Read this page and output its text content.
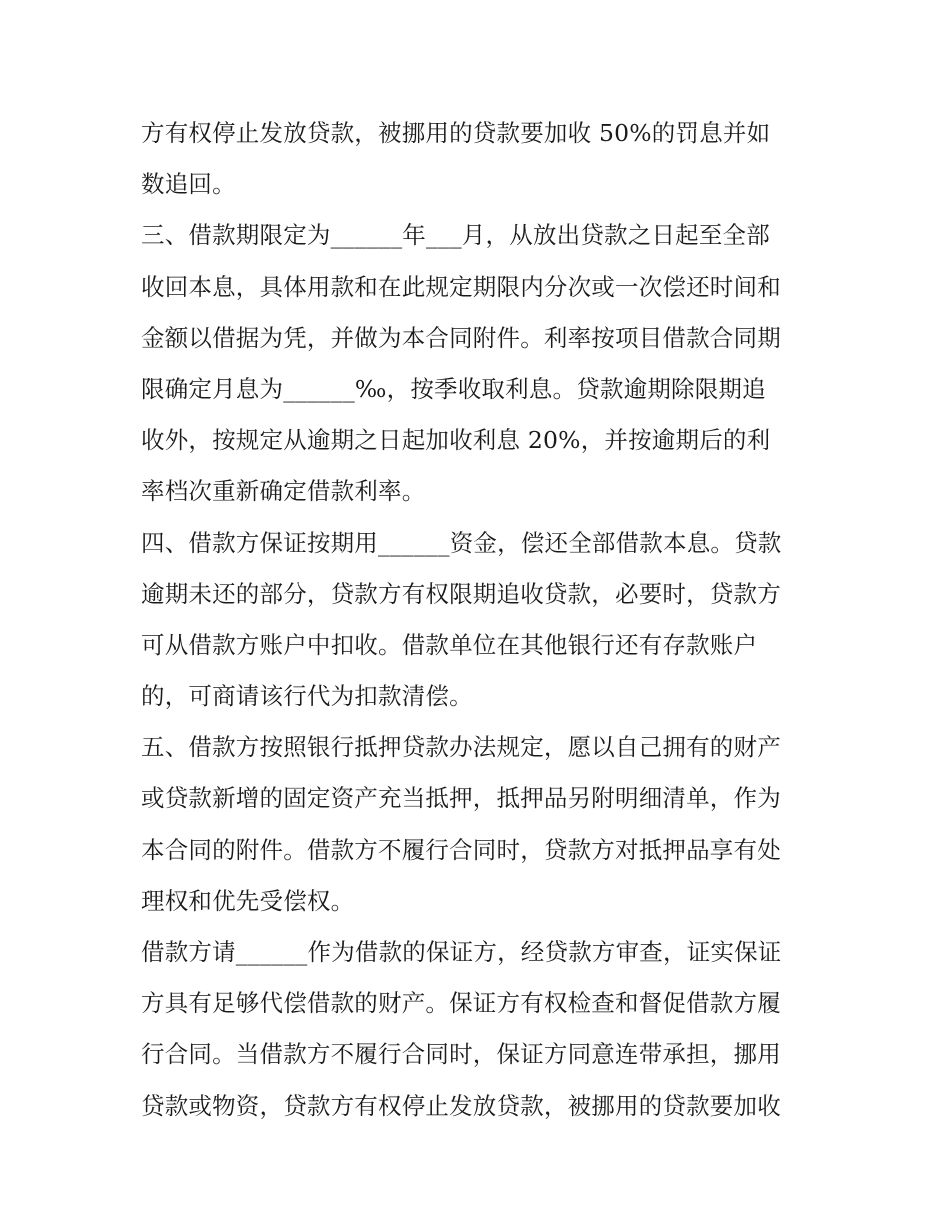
方有权停止发放贷款，被挪用的贷款要加收 50%的罚息并如
数追回。
三、借款期限定为______年___月，从放出贷款之日起至全部
收回本息，具体用款和在此规定期限内分次或一次偿还时间和
金额以借据为凭，并做为本合同附件。利率按项目借款合同期
限确定月息为______‰，按季收取利息。贷款逾期除限期追
收外，按规定从逾期之日起加收利息 20%，并按逾期后的利
率档次重新确定借款利率。
四、借款方保证按期用______资金，偿还全部借款本息。贷款
逾期未还的部分，贷款方有权限期追收贷款，必要时，贷款方
可从借款方账户中扣收。借款单位在其他银行还有存款账户
的，可商请该行代为扣款清偿。
五、借款方按照银行抵押贷款办法规定，愿以自己拥有的财产
或贷款新增的固定资产充当抵押，抵押品另附明细清单，作为
本合同的附件。借款方不履行合同时，贷款方对抵押品享有处
理权和优先受偿权。
借款方请______作为借款的保证方，经贷款方审查，证实保证
方具有足够代偿借款的财产。保证方有权检查和督促借款方履
行合同。当借款方不履行合同时，保证方同意连带承担，挪用
贷款或物资，贷款方有权停止发放贷款，被挪用的贷款要加收
